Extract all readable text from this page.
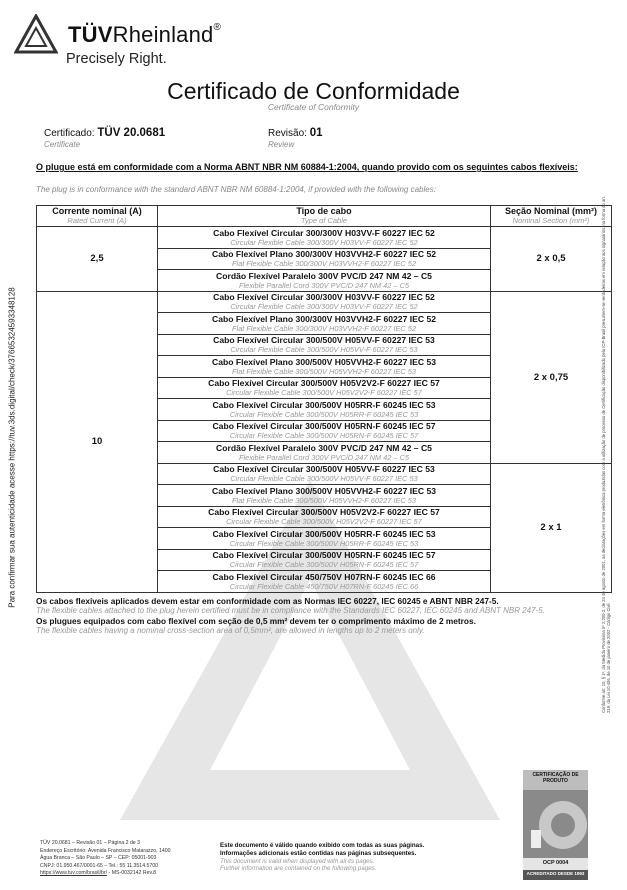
TÜVRheinland®
Precisely Right.
Certificado de Conformidade
Certificate of Conformity
Certificado: TÜV 20.0681
Certificate
Revisão: 01
Review
O plugue está em conformidade com a Norma ABNT NBR NM 60884-1:2004, quando provido com os seguintes cabos flexíveis:
The plug is in conformance with the standard ABNT NBR NM 60884-1:2004, if provided with the following cables:
Corrente nominal (A)
Rated Current (A)	Tipo de cabo
Type of Cable	Seção Nominal (mm²)
Nominal Section (mm²)

2,5	Cabo Flexível Circular 300/300V H03VV-F 60227 IEC 52
Circular Flexible Cable 300/300V H03VV-F 60227 IEC 52	2 x 0,5

	Cabo Flexível Plano 300/300V H03VVH2-F 60227 IEC 52
Flat Flexible Cable 300/300V H03VVH2-F 60227 IEC 52	

	Cordão Flexível Paralelo 300V PVC/D 247 NM 42 – C5
Flexible Parallel Cord 300V PVC/D 247 NM 42 – C5	

10	Cabo Flexível Circular 300/300V H03VV-F 60227 IEC 52
Circular Flexible Cable 300/300V H03VV-F 60227 IEC 52	2 x 0,75

	Cabo Flexível Plano 300/300V H03VVH2-F 60227 IEC 52
Flat Flexible Cable 300/300V H03VVH2-F 60227 IEC 52	

	Cabo Flexível Circular 300/500V H05VV-F 60227 IEC 53
Circular Flexible Cable 300/500V H05VV-F 60227 IEC 53	

	Cabo Flexível Plano 300/500V H05VVH2-F 60227 IEC 53
Flat Flexible Cable 300/500V H05VVH2-F 60227 IEC 53	

	Cabo Flexível Circular 300/500V H05V2V2-F 60227 IEC 57
Circular Flexible Cable 300/500V H05V2V2-F 60227 IEC 57	

	Cabo Flexível Circular 300/500V H05RR-F 60245 IEC 53
Circular Flexible Cable 300/500V H05RR-F 60245 IEC 53	

	Cabo Flexível Circular 300/500V H05RN-F 60245 IEC 57
Circular Flexible Cable 300/500V H05RN-F 60245 IEC 57	

	Cordão Flexível Paralelo 300V PVC/D 247 NM 42 – C5
Flexible Parallel Cord 300V PVC/D 247 NM 42 – C5	

	Cabo Flexível Circular 300/500V H05VV-F 60227 IEC 53
Circular Flexible Cable 300/500V H05VV-F 60227 IEC 53	2 x 1

	Cabo Flexível Plano 300/500V H05VVH2-F 60227 IEC 53
Flat Flexible Cable 300/500V H05VVH2-F 60227 IEC 53	

	Cabo Flexível Circular 300/500V H05V2V2-F 60227 IEC 57
Circular Flexible Cable 300/500V H05V2V2-F 60227 IEC 57	

	Cabo Flexível Circular 300/500V H05RR-F 60245 IEC 53
Circular Flexible Cable 300/500V H05RR-F 60245 IEC 53	

	Cabo Flexível Circular 300/500V H05RN-F 60245 IEC 57
Circular Flexible Cable 300/500V H05RN-F 60245 IEC 57	

	Cabo Flexível Circular 450/750V H07RN-F 60245 IEC 66
Circular Flexible Cable 450/750V H07RN-F 60245 IEC 66	
Os cabos flexíveis aplicados devem estar em conformidade com as Normas IEC 60227, IEC 60245 e ABNT NBR 247-5.
The flexible cables attached to the plug herein certified must be in compliance with the Standards IEC 60227, IEC 60245 and ABNT NBR 247-5.
Os plugues equipados com cabo flexível com seção de 0,5 mm² devem ter o comprimento máximo de 2 metros.
The flexible cables having a nominal cross-section area of 0,5mm², are allowed in lengths up to 2 meters only.
Para confirmar sua autenticidade acesse https://tuv.3ds.digital/check/37665324593348128	Conforme art. 10, § 1º, da Medida Provisória nº 2.200-2, de 24 de agosto de 2001, as declarações em forma eletrônica produzidas com a utilização de processo de Certificação disponibilizado pela ICP-Brasil presumem-se verdadeiras em relação aos signatários, na forma do art. 219, da Lei 10.406, de 10 de janeiro de 2002 - Código Civil.
CERTIFICAÇÃO DE PRODUTO
OCP 0004
ACREDITADO DESDE 1993
TÜV 20.0681 – Revisão 01 – Página 2 de 3
Endereço Escritório: Avenida Francisco Matarazzo, 1400
Água Branca – São Paulo – SP – CEP: 05001-903
CNPJ: 01.950.467/0001-65 – Tel.: 55 11.3514.5700
https://www.tuv.com/brasil/br/ - MS-0032142 Rev.8
Este documento é válido quando exibido com todas as suas páginas.
Informações adicionais estão contidas nas páginas subsequentes.
This document is valid when displayed with all its pages.
Further information are contained on the following pages.
